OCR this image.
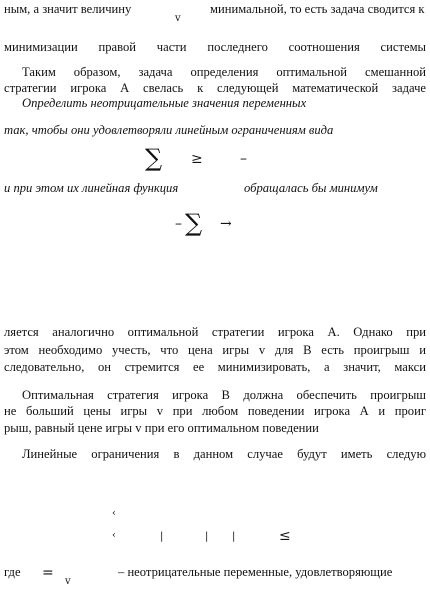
ным, а значит величину
v
минимальной, то есть задача сводится к
минимизации правой части последнего соотношения системы
Таким образом, задача определения оптимальной смешанной
стратегии игрока А свелась к следующей математической задаче
Определить неотрицательные значения переменных
так, чтобы они удовлетворяли линейным ограничениям вида
∑ ≥	–
и при этом их линейная функция	обращалась бы минимум
– ∑ →
ляется аналогично оптимальной стратегии игрока А. Однако при
этом необходимо учесть, что цена игры v для В есть проигрыш и
следовательно, он стремится ее минимизировать, а значит, макси
Оптимальная стратегия игрока В должна обеспечить проигрыш
не больший цены игры v при любом поведении игрока А и проиг
рыш, равный цене игры v при его оптимальном поведении
Линейные ограничения в данном случае будут иметь следую
‹
‹	|	| |	≤
где	=
v
– неотрицательные переменные, удовлетворяющие
